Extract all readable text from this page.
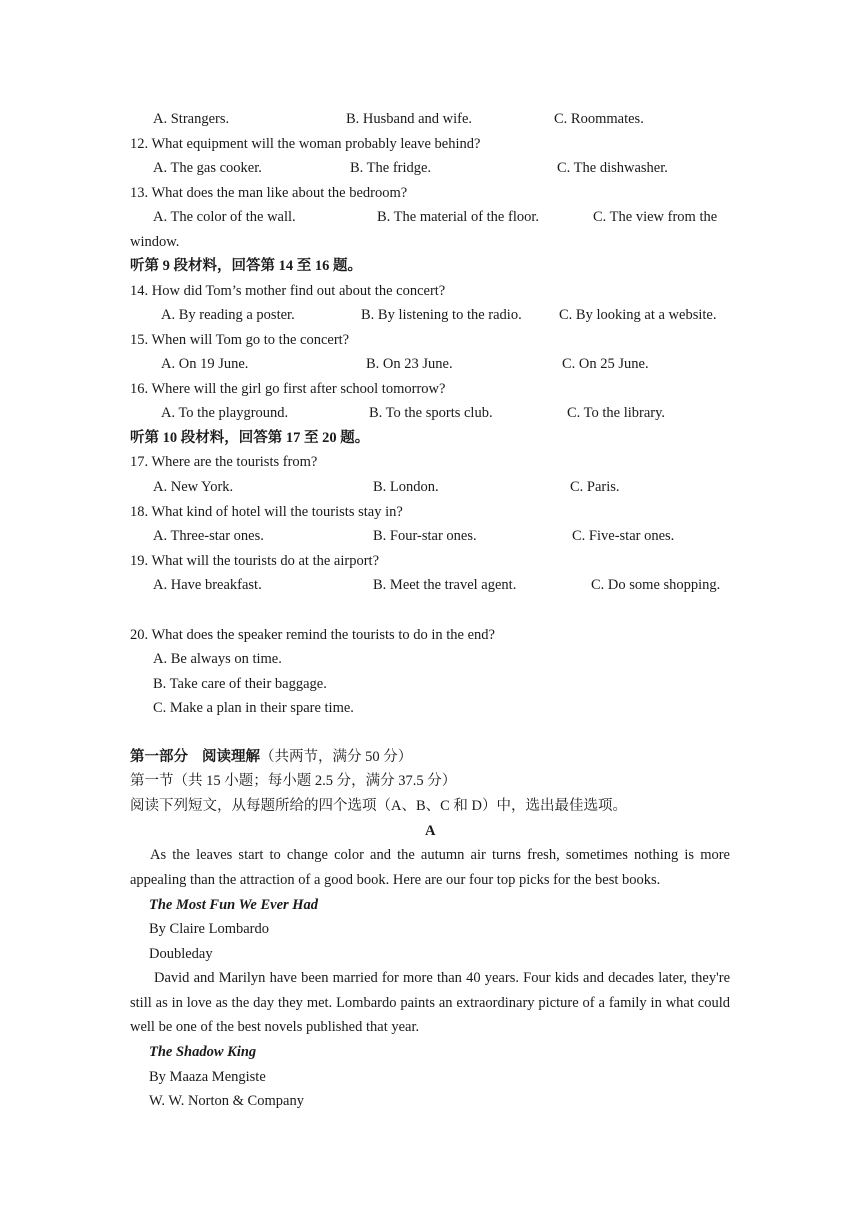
A. Strangers.	B. Husband and wife.	C. Roommates.
12. What equipment will the woman probably leave behind?
A. The gas cooker.	B. The fridge.	C. The dishwasher.
13. What does the man like about the bedroom?
A. The color of the wall.	B. The material of the floor.	C. The view from the
window.
听第 9 段材料，回答第 14 至 16 题。
14. How did Tom’s mother find out about the concert?
A. By reading a poster.	B. By listening to the radio.	C. By looking at a website.
15. When will Tom go to the concert?
A. On 19 June.	B. On 23 June.	C. On 25 June.
16. Where will the girl go first after school tomorrow?
A. To the playground.	B. To the sports club.	C. To the library.
听第 10 段材料，回答第 17 至 20 题。
17. Where are the tourists from?
A. New York.	B. London.	C. Paris.
18. What kind of hotel will the tourists stay in?
A. Three-star ones.	B. Four-star ones.	C. Five-star ones.
19. What will the tourists do at the airport?
A. Have breakfast.	B. Meet the travel agent.	C. Do some shopping.
20. What does the speaker remind the tourists to do in the end?
A. Be always on time.
B. Take care of their baggage.
C. Make a plan in their spare time.
第一部分 阅读理解（共两节，满分 50 分）
第一节（共 15 小题；每小题 2.5 分，满分 37.5 分）
阅读下列短文，从每题所给的四个选项（A、B、C 和 D）中，选出最佳选项。
A
As the leaves start to change color and the autumn air turns fresh, sometimes nothing is more appealing than the attraction of a good book. Here are our four top picks for the best books.
The Most Fun We Ever Had
By Claire Lombardo
Doubleday
David and Marilyn have been married for more than 40 years. Four kids and decades later, they're still as in love as the day they met. Lombardo paints an extraordinary picture of a family in what could well be one of the best novels published that year.
The Shadow King
By Maaza Mengiste
W. W. Norton & Company
